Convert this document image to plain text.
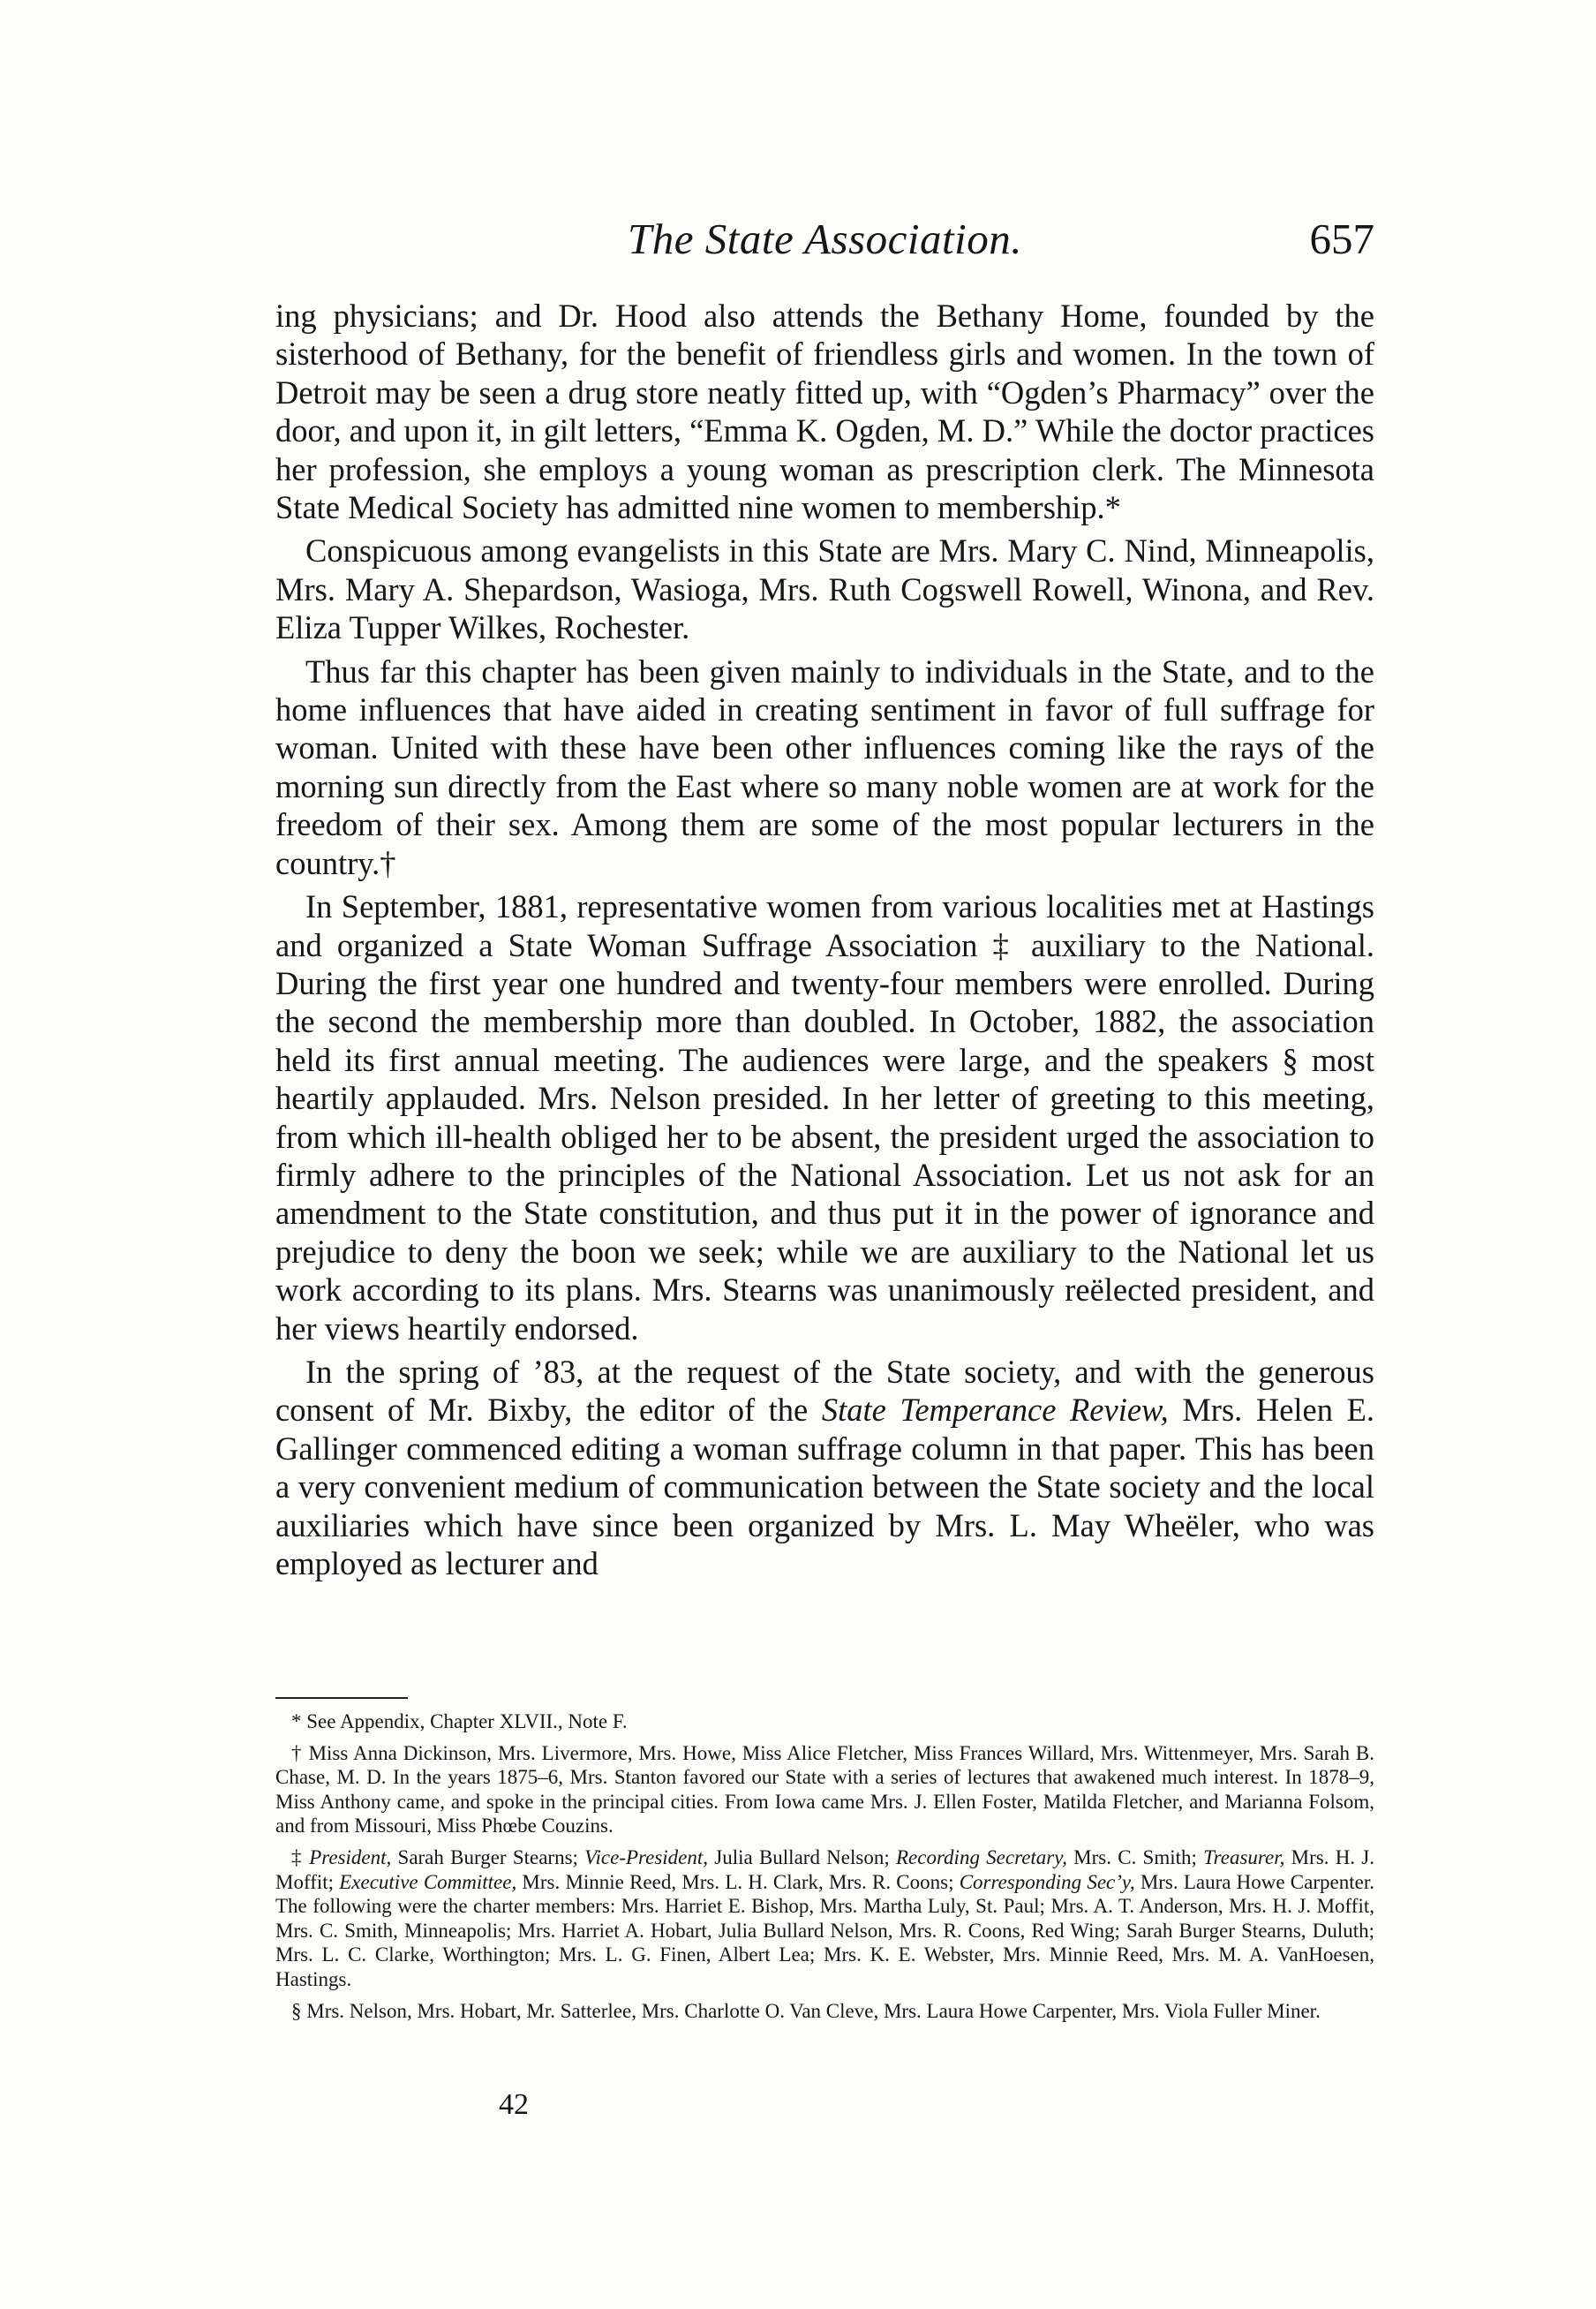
The State Association.	657

ing physicians; and Dr. Hood also attends the Bethany Home, founded by the sisterhood of Bethany, for the benefit of friendless girls and women. In the town of Detroit may be seen a drug store neatly fitted up, with “Ogden’s Pharmacy” over the door, and upon it, in gilt letters, “Emma K. Ogden, M. D.” While the doctor practices her profession, she employs a young woman as prescription clerk. The Minnesota State Medical Society has admitted nine women to membership.*

Conspicuous among evangelists in this State are Mrs. Mary C. Nind, Minneapolis, Mrs. Mary A. Shepardson, Wasioga, Mrs. Ruth Cogswell Rowell, Winona, and Rev. Eliza Tupper Wilkes, Rochester.

Thus far this chapter has been given mainly to individuals in the State, and to the home influences that have aided in creating sentiment in favor of full suffrage for woman. United with these have been other influences coming like the rays of the morning sun directly from the East where so many noble women are at work for the freedom of their sex. Among them are some of the most popular lecturers in the country.†

In September, 1881, representative women from various localities met at Hastings and organized a State Woman Suffrage Association ‡ auxiliary to the National. During the first year one hundred and twenty-four members were enrolled. During the second the membership more than doubled. In October, 1882, the association held its first annual meeting. The audiences were large, and the speakers § most heartily applauded. Mrs. Nelson presided. In her letter of greeting to this meeting, from which ill-health obliged her to be absent, the president urged the association to firmly adhere to the principles of the National Association. Let us not ask for an amendment to the State constitution, and thus put it in the power of ignorance and prejudice to deny the boon we seek; while we are auxiliary to the National let us work according to its plans. Mrs. Stearns was unanimously reëlected president, and her views heartily endorsed.

In the spring of ’83, at the request of the State society, and with the generous consent of Mr. Bixby, the editor of the State Temperance Review, Mrs. Helen E. Gallinger commenced editing a woman suffrage column in that paper. This has been a very convenient medium of communication between the State society and the local auxiliaries which have since been organized by Mrs. L. May Wheëler, who was employed as lecturer and

* See Appendix, Chapter XLVII., Note F.

† Miss Anna Dickinson, Mrs. Livermore, Mrs. Howe, Miss Alice Fletcher, Miss Frances Willard, Mrs. Wittenmeyer, Mrs. Sarah B. Chase, M. D. In the years 1875–6, Mrs. Stanton favored our State with a series of lectures that awakened much interest. In 1878–9, Miss Anthony came, and spoke in the principal cities. From Iowa came Mrs. J. Ellen Foster, Matilda Fletcher, and Marianna Folsom, and from Missouri, Miss Phœbe Couzins.

‡ President, Sarah Burger Stearns; Vice-President, Julia Bullard Nelson; Recording Secretary, Mrs. C. Smith; Treasurer, Mrs. H. J. Moffit; Executive Committee, Mrs. Minnie Reed, Mrs. L. H. Clark, Mrs. R. Coons; Corresponding Sec’y, Mrs. Laura Howe Carpenter. The following were the charter members: Mrs. Harriet E. Bishop, Mrs. Martha Luly, St. Paul; Mrs. A. T. Anderson, Mrs. H. J. Moffit, Mrs. C. Smith, Minneapolis; Mrs. Harriet A. Hobart, Julia Bullard Nelson, Mrs. R. Coons, Red Wing; Sarah Burger Stearns, Duluth; Mrs. L. C. Clarke, Worthington; Mrs. L. G. Finen, Albert Lea; Mrs. K. E. Webster, Mrs. Minnie Reed, Mrs. M. A. VanHoesen, Hastings.

§ Mrs. Nelson, Mrs. Hobart, Mr. Satterlee, Mrs. Charlotte O. Van Cleve, Mrs. Laura Howe Carpenter, Mrs. Viola Fuller Miner.

42
